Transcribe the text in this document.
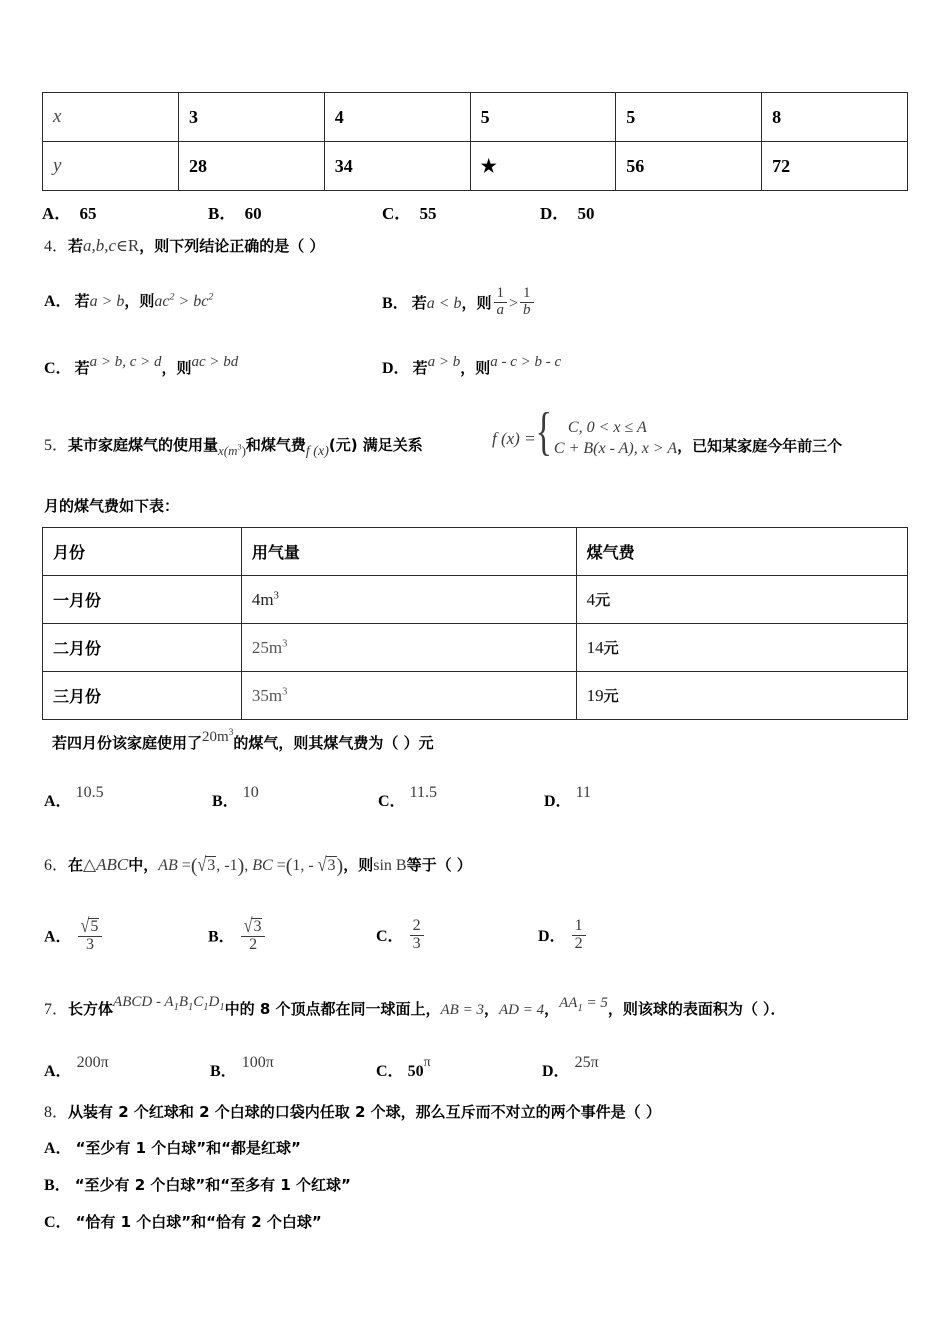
x	3	4	5	5	8
y	28	34	★	56	72
A． 65	B． 60	C． 55	D． 50
4．若a,b,c∈R，则下列结论正确的是（ ）
A． 若a > b，则$ac^2 > bc^2$	B． 若a < b，则 $\frac{1}{a} > \frac{1}{b}$
C． 若a > b, c > d，则ac > bd	D． 若a > b，则a - c > b - c
5．某市家庭煤气的使用量$_{x(m^3)}$和煤气费f (x)(元) 满足关系	f (x) ={	C, 0 < x ≤ A
C + B(x - A), x > A ，已知某家庭今年前三个
月的煤气费如下表：
月份	用气量	煤气费
一月份	$4m^3$	4元
二月份	$25m^3$	14元
三月份	$35m^3$	19元
若四月份该家庭使用了$20m^3$的煤气，则其煤气费为（ ）元
A．10.5
B．10
C．11.5
D．11
6．在△ABC中，AB =(√3, -1), BC =(1, - √3)，则sin B等于（ ）
A． $\frac{√5}{3}$	B． $\frac{√3}{2}$	C． $\frac{2}{3}$	D． $\frac{1}{2}$
7．长方体ABCD - $A_1B_1C_1D_1$中的 8 个顶点都在同一球面上，AB = 3，AD = 4，$AA_1 = 5$，则该球的表面积为（ ）．
A．200π
B．100π
C． 50π
D．25π
8．从装有 2 个红球和 2 个白球的口袋内任取 2 个球，那么互斥而不对立的两个事件是（ ）
A． “至少有 1 个白球”和“都是红球”
B． “至少有 2 个白球”和“至多有 1 个红球”
C． “恰有 1 个白球”和“恰有 2 个白球”
